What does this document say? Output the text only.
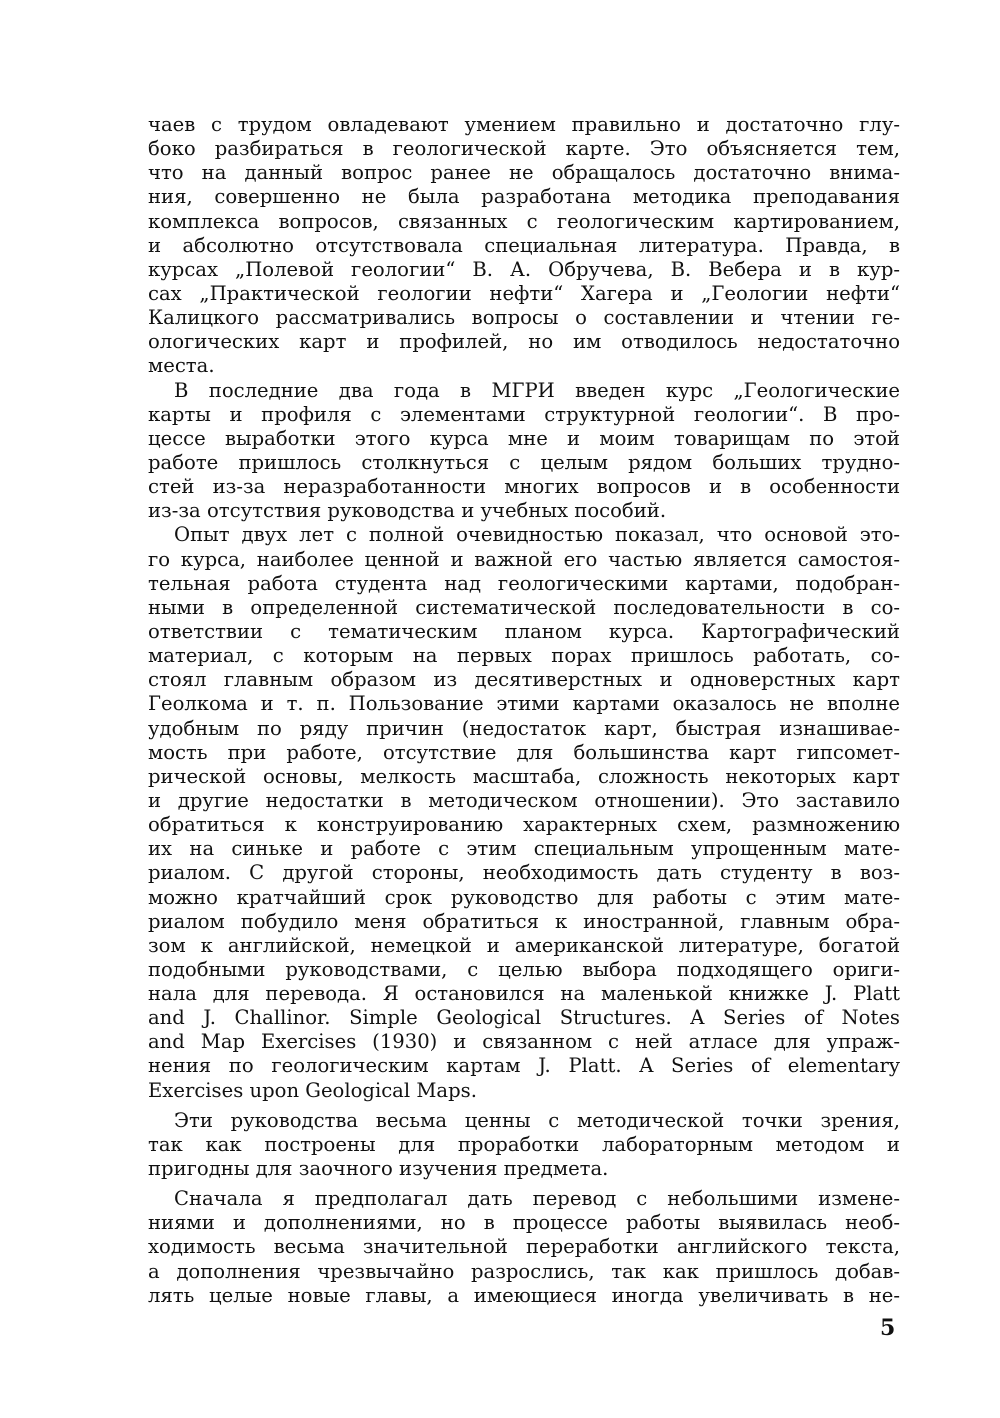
чаев с трудом овладевают умением правильно и достаточно глу-
боко разбираться в геологической карте. Это объясняется тем,
что на данный вопрос ранее не обращалось достаточно внима-
ния, совершенно не была разработана методика преподавания
комплекса вопросов, связанных с геологическим картированием,
и абсолютно отсутствовала специальная литература. Правда, в
курсах „Полевой геологии“ В. А. Обручева, В. Вебера и в кур-
сах „Практической геологии нефти“ Хагера и „Геологии нефти“
Калицкого рассматривались вопросы о составлении и чтении ге-
ологических карт и профилей, но им отводилось недостаточно
места.
В последние два года в МГРИ введен курс „Геологические
карты и профиля с элементами структурной геологии“. В про-
цессе выработки этого курса мне и моим товарищам по этой
работе пришлось столкнуться с целым рядом больших трудно-
стей из-за неразработанности многих вопросов и в особенности
из-за отсутствия руководства и учебных пособий.
Опыт двух лет с полной очевидностью показал, что основой это-
го курса, наиболее ценной и важной его частью является самостоя-
тельная работа студента над геологическими картами, подобран-
ными в определенной систематической последовательности в со-
ответствии с тематическим планом курса. Картографический
материал, с которым на первых порах пришлось работать, со-
стоял главным образом из десятиверстных и одноверстных карт
Геолкома и т. п. Пользование этими картами оказалось не вполне
удобным по ряду причин (недостаток карт, быстрая изнашивае-
мость при работе, отсутствие для большинства карт гипсомет-
рической основы, мелкость масштаба, сложность некоторых карт
и другие недостатки в методическом отношении). Это заставило
обратиться к конструированию характерных схем, размножению
их на синьке и работе с этим специальным упрощенным мате-
риалом. С другой стороны, необходимость дать студенту в воз-
можно кратчайший срок руководство для работы с этим мате-
риалом побудило меня обратиться к иностранной, главным обра-
зом к английской, немецкой и американской литературе, богатой
подобными руководствами, с целью выбора подходящего ориги-
нала для перевода. Я остановился на маленькой книжке J. Platt
and J. Challinor. Simple Geological Structures. A Series of Notes
and Map Exercises (1930) и связанном с ней атласе для упраж-
нения по геологическим картам J. Platt. A Series of elementary
Exercises upon Geological Maps.
Эти руководства весьма ценны с методической точки зрения,
так как построены для проработки лабораторным методом и
пригодны для заочного изучения предмета.
Сначала я предполагал дать перевод с небольшими измене-
ниями и дополнениями, но в процессе работы выявилась необ-
ходимость весьма значительной переработки английского текста,
а дополнения чрезвычайно разрослись, так как пришлось добав-
лять целые новые главы, а имеющиеся иногда увеличивать в не-
5
